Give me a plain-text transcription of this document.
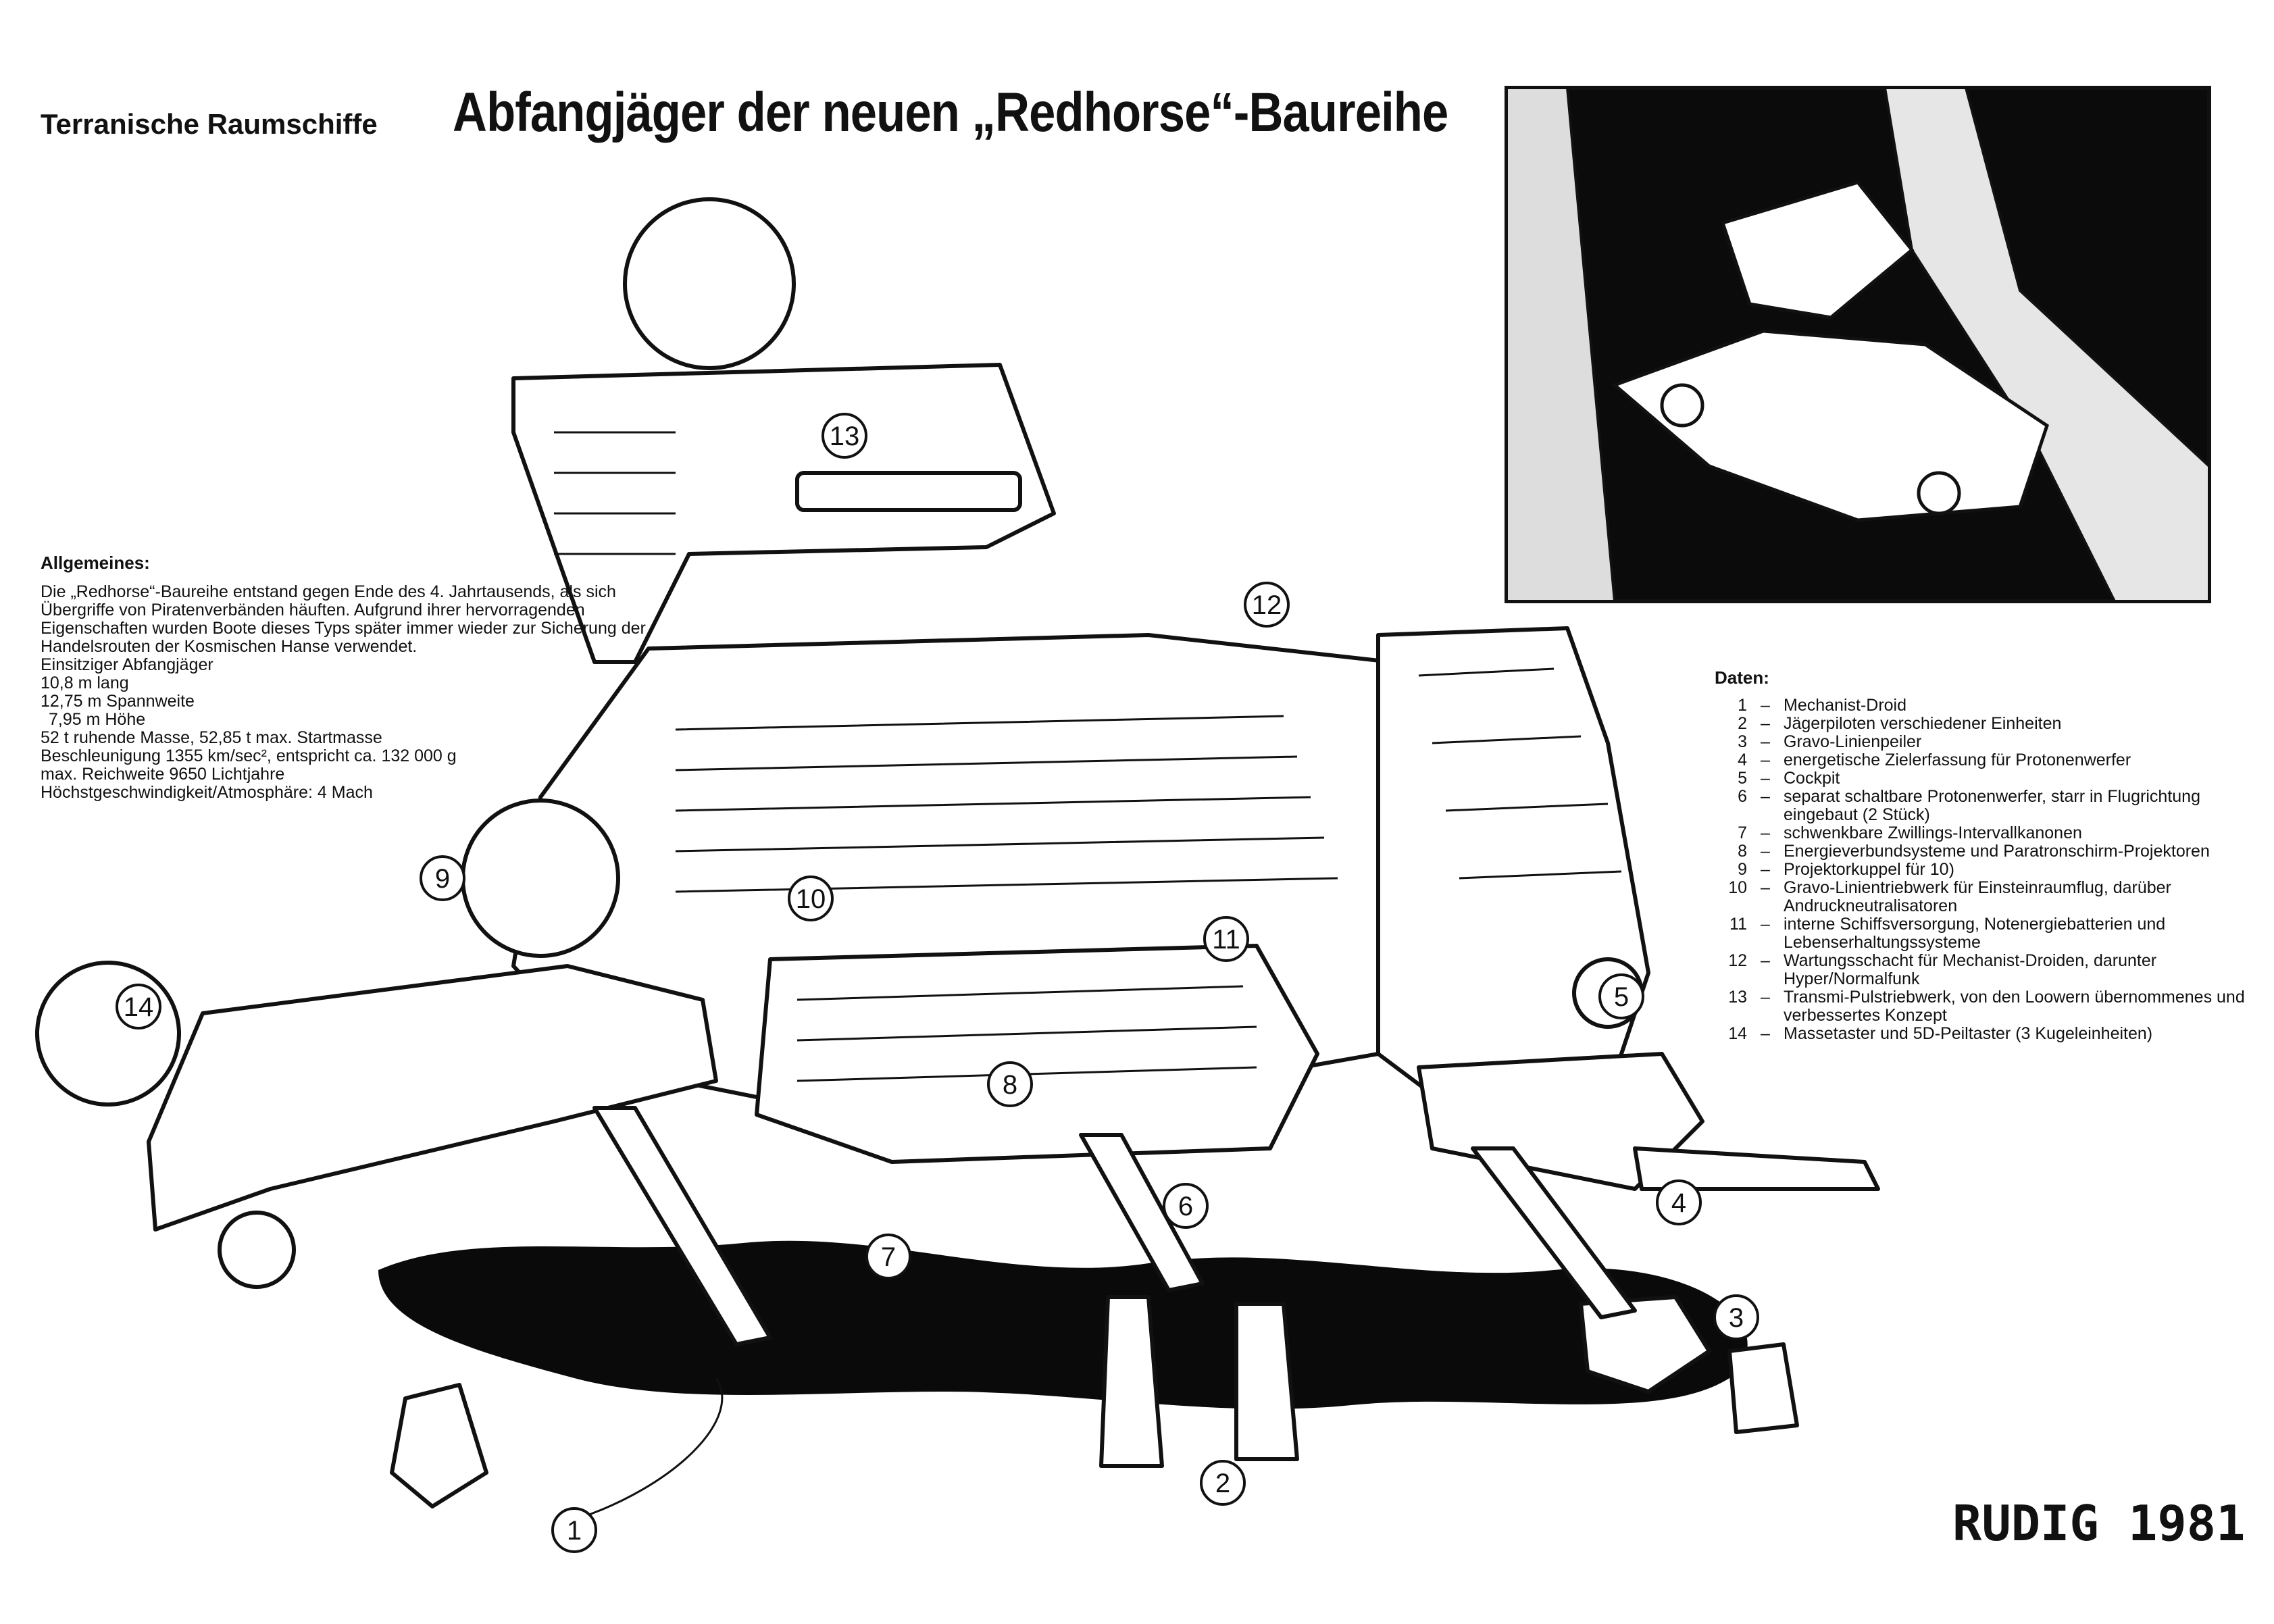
Terranische Raumschiffe Abfangjäger der neuen „Redhorse“-Baureihe
1
2
3
4
5
6
7
8
9
10
11
12
13
14
Allgemeines:

Die „Redhorse“-Baureihe entstand gegen Ende des 4. Jahrtausends, als sich Übergriffe von Piratenverbänden häuften. Aufgrund ihrer hervorragenden Eigenschaften wurden Boote dieses Typs später immer wieder zur Sicherung der Handelsrouten der Kosmischen Hanse verwendet.

Einsitziger Abfangjäger
10,8 m lang
12,75 m Spannweite
7,95 m Höhe
52 t ruhende Masse, 52,85 t max. Startmasse
Beschleunigung 1355 km/sec², entspricht ca. 132 000 g
max. Reichweite 9650 Lichtjahre
Höchstgeschwindigkeit/Atmosphäre: 4 Mach
Daten:
1 – Mechanist-Droid
2 – Jägerpiloten verschiedener Einheiten
3 – Gravo-Linienpeiler
4 – energetische Zielerfassung für Protonenwerfer
5 – Cockpit
6 – separat schaltbare Protonenwerfer, starr in Flugrichtung eingebaut (2 Stück)
7 – schwenkbare Zwillings-Intervallkanonen
8 – Energieverbundsysteme und Paratronschirm-Projektoren
9 – Projektorkuppel für 10)
10 – Gravo-Linientriebwerk für Einsteinraumflug, darüber Andruckneutralisatoren
11 – interne Schiffsversorgung, Notenergiebatterien und Lebenserhaltungssysteme
12 – Wartungsschacht für Mechanist-Droiden, darunter Hyper/Normalfunk
13 – Transmi-Pulstriebwerk, von den Loowern übernommenes und verbessertes Konzept
14 – Massetaster und 5D-Peiltaster (3 Kugeleinheiten)
RUDIG 1981
